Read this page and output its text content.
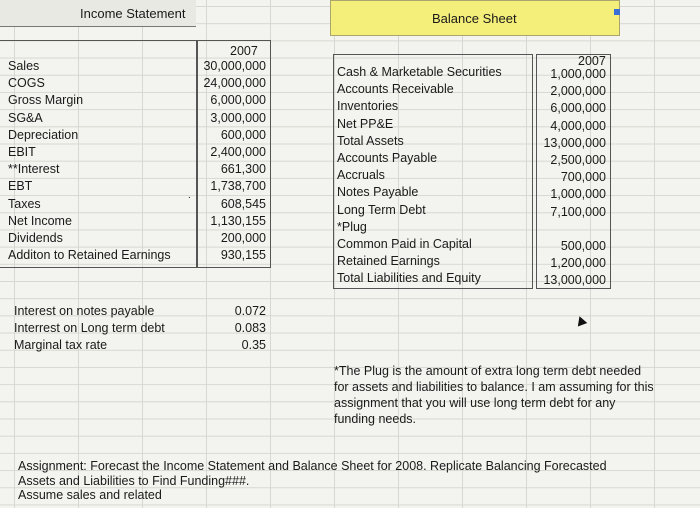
Income Statement	Balance Sheet
2007
Sales
COGS
Gross Margin
SG&A
Depreciation
EBIT
**Interest
EBT
Taxes
Net Income
Dividends
Additon to Retained Earnings
30,000,000
24,000,000
6,000,000
3,000,000
600,000
2,400,000
661,300
1,738,700
608,545
1,130,155
200,000
930,155
.
Interest on notes payable
Interrest on Long term debt
Marginal tax rate
0.072
0.083
0.35
2007
Cash & Marketable Securities
Accounts Receivable
Inventories
Net PP&E
Total Assets
Accounts Payable
Accruals
Notes Payable
Long Term Debt
*Plug
Common Paid in Capital
Retained Earnings
Total Liabilities and Equity
1,000,000
2,000,000
6,000,000
4,000,000
13,000,000
2,500,000
700,000
1,000,000
7,100,000
500,000
1,200,000
13,000,000
*The Plug is the amount of extra long term debt needed for assets and liabilities to balance. I am assuming for this assignment that you will use long term debt for any funding needs.
Assignment: Forecast the Income Statement and Balance Sheet for 2008. Replicate Balancing Forecasted
Assets and Liabilities to Find Funding###.
Assume sales and related
